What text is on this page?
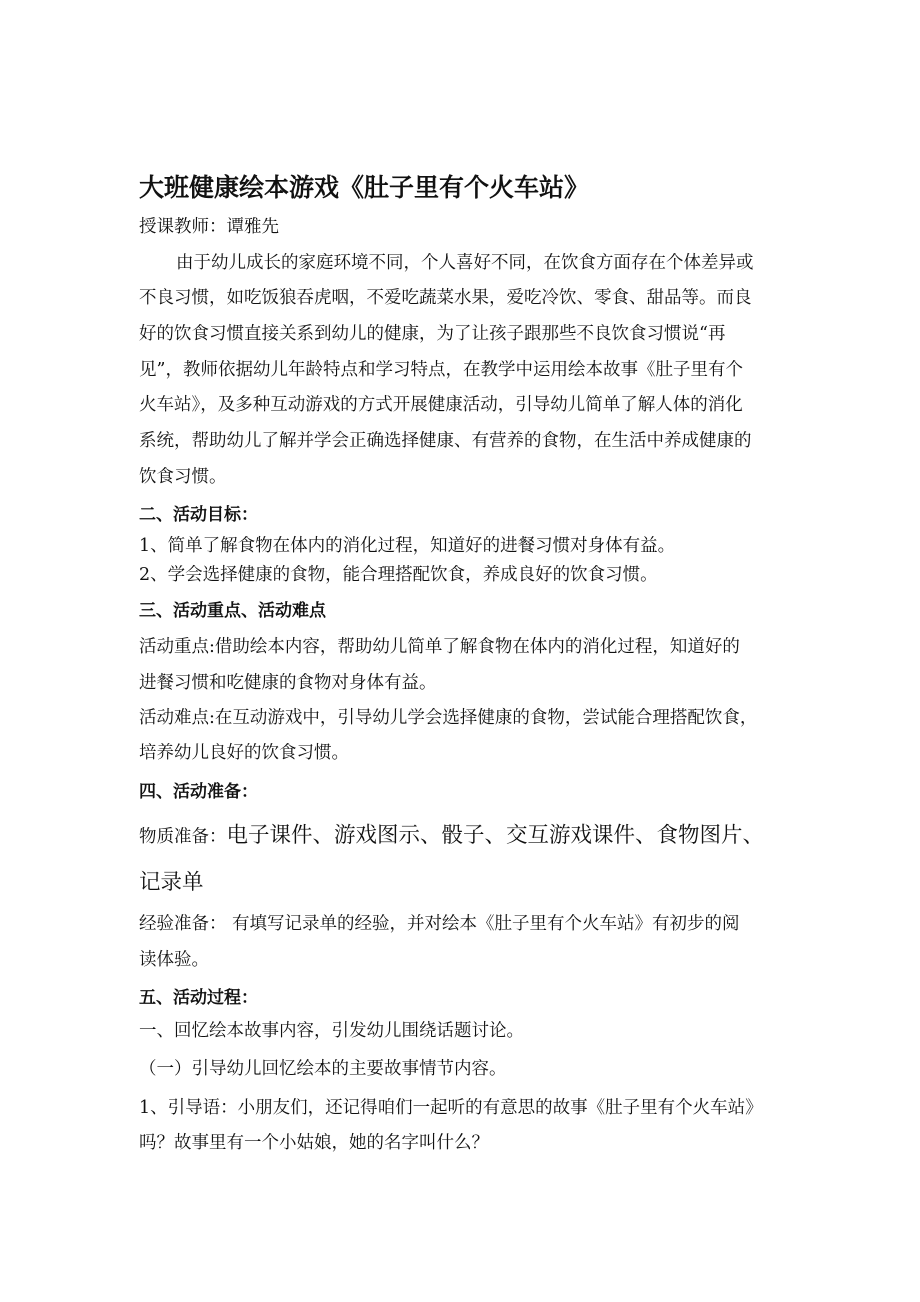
大班健康绘本游戏《肚子里有个火车站》
授课教师：谭雅先
由于幼儿成长的家庭环境不同，个人喜好不同，在饮食方面存在个体差异或
不良习惯，如吃饭狼吞虎咽，不爱吃蔬菜水果，爱吃冷饮、零食、甜品等。而良
好的饮食习惯直接关系到幼儿的健康，为了让孩子跟那些不良饮食习惯说“再
见”，教师依据幼儿年龄特点和学习特点，在教学中运用绘本故事《肚子里有个
火车站》，及多种互动游戏的方式开展健康活动，引导幼儿简单了解人体的消化
系统，帮助幼儿了解并学会正确选择健康、有营养的食物，在生活中养成健康的
饮食习惯。
二、活动目标：
1、简单了解食物在体内的消化过程，知道好的进餐习惯对身体有益。
2、学会选择健康的食物，能合理搭配饮食，养成良好的饮食习惯。
三、活动重点、活动难点
活动重点:借助绘本内容，帮助幼儿简单了解食物在体内的消化过程，知道好的
进餐习惯和吃健康的食物对身体有益。
活动难点:在互动游戏中，引导幼儿学会选择健康的食物，尝试能合理搭配饮食，
培养幼儿良好的饮食习惯。
四、活动准备：
物质准备：电子课件、游戏图示、骰子、交互游戏课件、食物图片、
记录单
经验准备： 有填写记录单的经验，并对绘本《肚子里有个火车站》有初步的阅
读体验。
五、活动过程：
一、回忆绘本故事内容，引发幼儿围绕话题讨论。
（一）引导幼儿回忆绘本的主要故事情节内容。
1、引导语：小朋友们，还记得咱们一起听的有意思的故事《肚子里有个火车站》
吗？故事里有一个小姑娘，她的名字叫什么？
